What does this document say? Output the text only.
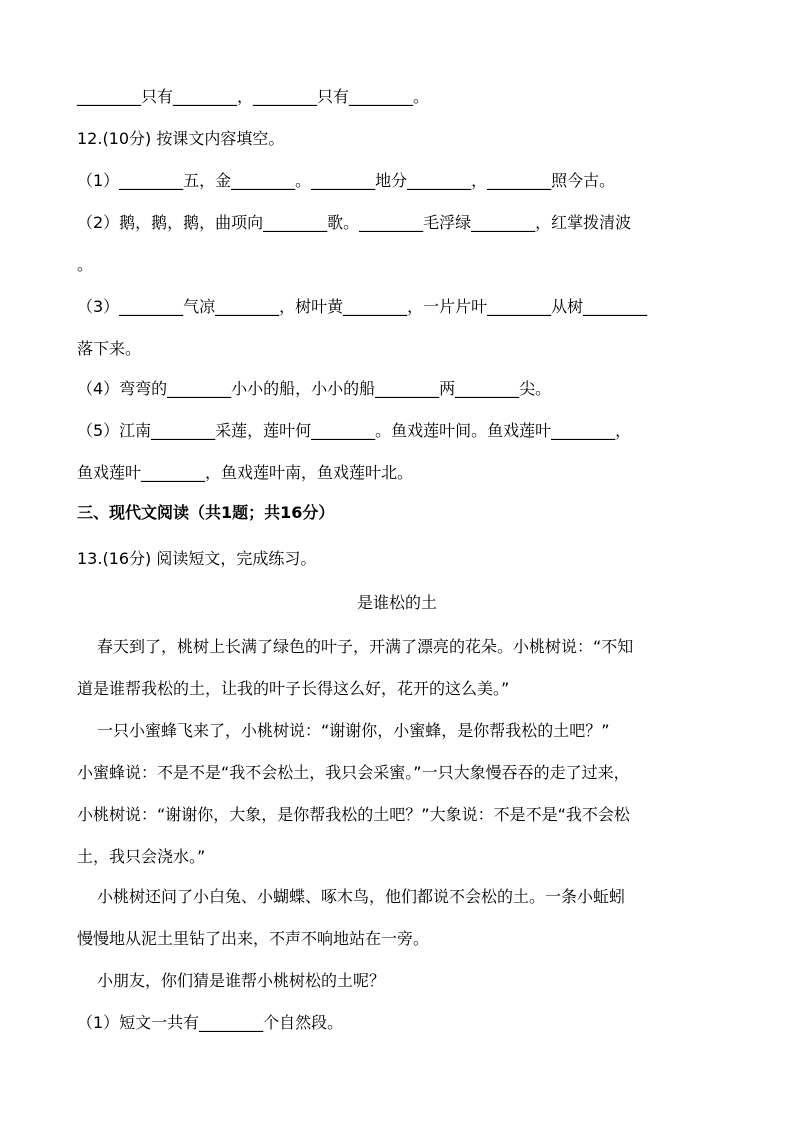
________只有________，________只有________。
12.(10分) 按课文内容填空。
（1）________五，金________。________地分________，________照今古。
（2）鹅，鹅，鹅，曲项向________歌。________毛浮绿________，红掌拨清波
。
（3）________气凉________，树叶黄________，一片片叶________从树________
落下来。
（4）弯弯的________小小的船，小小的船________两________尖。
（5）江南________采莲，莲叶何________。鱼戏莲叶间。鱼戏莲叶________，
鱼戏莲叶________，鱼戏莲叶南，鱼戏莲叶北。
三、现代文阅读（共1题；共16分）
13.(16分) 阅读短文，完成练习。
是谁松的土
春天到了，桃树上长满了绿色的叶子，开满了漂亮的花朵。小桃树说：“不知
道是谁帮我松的土，让我的叶子长得这么好，花开的这么美。”
一只小蜜蜂飞来了，小桃树说：“谢谢你，小蜜蜂，是你帮我松的土吧？”
小蜜蜂说：不是不是“我不会松土，我只会采蜜。”一只大象慢吞吞的走了过来，
小桃树说：“谢谢你，大象，是你帮我松的土吧？”大象说：不是不是“我不会松
土，我只会浇水。”
小桃树还问了小白兔、小蝴蝶、啄木鸟，他们都说不会松的土。一条小蚯蚓
慢慢地从泥土里钻了出来，不声不响地站在一旁。
小朋友，你们猜是谁帮小桃树松的土呢？
（1）短文一共有________个自然段。
